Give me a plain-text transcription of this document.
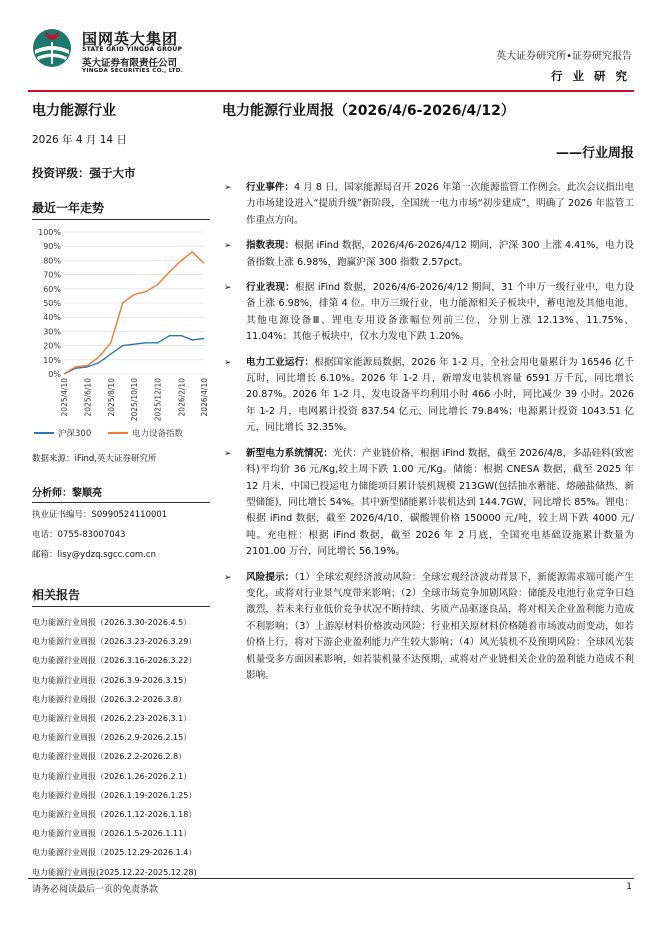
国网英大集团
STATE GRID YINGDA GROUP
英大证券有限责任公司
YINGDA SECURITIES CO., LTD.
英大证券研究所•证券研究报告
行 业 研 究
电力能源行业
2026 年 4 月 14 日
投资评级：强于大市
最近一年走势
0%
10%
20%
30%
40%
50%
60%
70%
80%
90%
100%
2025/4/10 2025/6/10 2025/8/10 2025/10/10 2025/12/10 2026/2/10 2026/4/10
沪深300	电力设备指数
数据来源：iFind,英大证券研究所
分析师：黎顺亮
执业证书编号：S0990524110001
电话：0755-83007043
邮箱：lisy@ydzq.sgcc.com.cn
相关报告
电力能源行业周报（2026.3.30-2026.4.5）
电力能源行业周报（2026.3.23-2026.3.29）
电力能源行业周报（2026.3.16-2026.3.22）
电力能源行业周报（2026.3.9-2026.3.15）
电力能源行业周报（2026.3.2-2026.3.8）
电力能源行业周报（2026.2.23-2026.3.1）
电力能源行业周报（2026.2.9-2026.2.15）
电力能源行业周报（2026.2.2-2026.2.8）
电力能源行业周报（2026.1.26-2026.2.1）
电力能源行业周报（2026.1.19-2026.1.25）
电力能源行业周报（2026.1.12-2026.1.18）
电力能源行业周报（2026.1.5-2026.1.11）
电力能源行业周报（2025.12.29-2026.1.4）
电力能源行业周报(2025.12.22-2025.12.28)
电力能源行业周报（2026/4/6-2026/4/12）
——行业周报
➢ 行业事件：4 月 8 日，国家能源局召开 2026 年第一次能源监管工作例会。此次会议指出电力市场建设进入“提质升级”新阶段，全国统一电力市场“初步建成”，明确了 2026 年监管工作重点方向。
➢ 指数表现：根据 iFind 数据，2026/4/6-2026/4/12 期间，沪深 300 上涨 4.41%，电力设备指数上涨 6.98%，跑赢沪深 300 指数 2.57pct。
➢ 行业表现：根据 iFind 数据，2026/4/6-2026/4/12 期间，31 个申万一级行业中，电力设备上涨 6.98%，排第 4 位。申万三级行业，电力能源相关子板块中，蓄电池及其他电池、其他电源设备Ⅲ、锂电专用设备涨幅位列前三位，分别上涨 12.13%、11.75%、11.04%；其他子板块中，仅水力发电下跌 1.20%。
➢ 电力工业运行：根据国家能源局数据，2026 年 1-2 月，全社会用电量累计为 16546 亿千瓦时，同比增长 6.10%。2026 年 1-2 月，新增发电装机容量 6591 万千瓦，同比增长 20.87%。2026 年 1-2 月，发电设备平均利用小时 466 小时，同比减少 39 小时。2026 年 1-2 月，电网累计投资 837.54 亿元，同比增长 79.84%；电源累计投资 1043.51 亿元，同比增长 32.35%。
➢ 新型电力系统情况：光伏：产业链价格，根据 iFind 数据，截至 2026/4/8，多晶硅料(致密料)平均价 36 元/Kg,较上周下跌 1.00 元/Kg。储能：根据 CNESA 数据，截至 2025 年 12 月末，中国已投运电力储能项目累计装机规模 213GW(包括抽水蓄能、熔融盐储热、新型储能)，同比增长 54%。其中新型储能累计装机达到 144.7GW，同比增长 85%。锂电：根据 iFind 数据，截至 2026/4/10，碳酸锂价格 150000 元/吨，较上周下跌 4000 元/吨。充电桩：根据 iFind 数据，截至 2026 年 2 月底，全国充电基础设施累计数量为 2101.00 万台，同比增长 56.19%。
➢ 风险提示：（1）全球宏观经济波动风险：全球宏观经济波动背景下，新能源需求端可能产生变化，或将对行业景气度带来影响；（2）全球市场竞争加剧风险：储能及电池行业竞争日趋激烈，若未来行业低价竞争状况不断持续、劣质产品驱逐良品，将对相关企业盈利能力造成不利影响；（3）上游原材料价格波动风险：行业相关原材料价格随着市场波动而变动，如若价格上行，将对下游企业盈利能力产生较大影响；（4）风光装机不及预期风险：全球风光装机量受多方面因素影响，如若装机量不达预期，或将对产业链相关企业的盈利能力造成不利影响。
请务必阅读最后一页的免责条款	1
